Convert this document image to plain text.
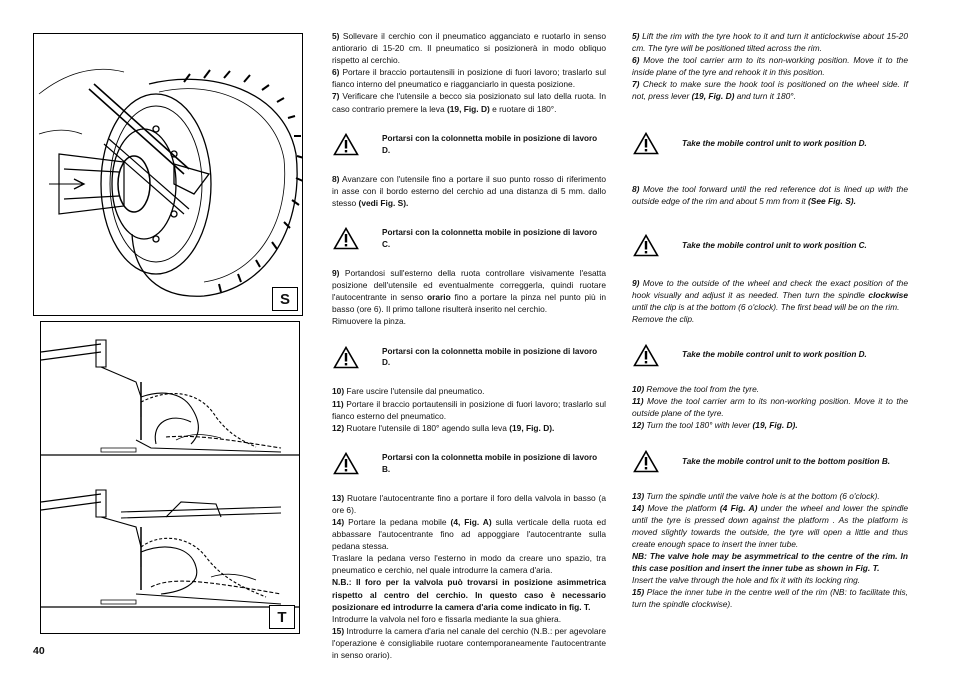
S
T

5) Sollevare il cerchio con il pneumatico agganciato e ruotarlo in senso antiorario di 15-20 cm. Il pneumatico si posizionerà in modo obliquo rispetto al cerchio.

6) Portare il braccio portautensili in posizione di fuori lavoro; traslarlo sul fianco interno del pneumatico e riagganciarlo in questa posizione.

7) Verificare che l'utensile a becco sia posizionato sul lato della ruota. In caso contrario premere la leva (19, Fig. D) e ruotare di 180°.

Portarsi con la colonnetta mobile in posizione di lavoro D.

8) Avanzare con l'utensile fino a portare il suo punto rosso di riferimento in asse con il bordo esterno del cerchio ad una distanza di 5 mm. dallo stesso (vedi Fig. S).

Portarsi con la colonnetta mobile in posizione di lavoro C.

9) Portandosi sull'esterno della ruota controllare visivamente l'esatta posizione dell'utensile ed eventualmente correggerla, quindi ruotare l'autocentrante in senso orario fino a portare la pinza nel punto più in basso (ore 6). Il primo tallone risulterà inserito nel cerchio.

Rimuovere la pinza.

Portarsi con la colonnetta mobile in posizione di lavoro D.

10) Fare uscire l'utensile dal pneumatico.

11) Portare il braccio portautensili in posizione di fuori lavoro; traslarlo sul fianco esterno del pneumatico.

12) Ruotare l'utensile di 180° agendo sulla leva (19, Fig. D).

Portarsi con la colonnetta mobile in posizione di lavoro B.

13) Ruotare l'autocentrante fino a portare il foro della valvola in basso (a ore 6).

14) Portare la pedana mobile (4, Fig. A) sulla verticale della ruota ed abbassare l'autocentrante fino ad appoggiare l'autocentrante sulla pedana stessa.

Traslare la pedana verso l'esterno in modo da creare uno spazio, tra pneumatico e cerchio, nel quale introdurre la camera d'aria.

N.B.: Il foro per la valvola può trovarsi in posizione asimmetrica rispetto al centro del cerchio. In questo caso è necessario posizionare ed introdurre la camera d'aria come indicato in fig. T.

Introdurre la valvola nel foro e fissarla mediante la sua ghiera.

15) Introdurre la camera d'aria nel canale del cerchio (N.B.: per agevolare l'operazione è consigliabile ruotare contemporaneamente l'autocentrante in senso orario).

5) Lift the rim with the tyre hook to it and turn it anticlockwise about 15-20 cm. The tyre will be positioned tilted across the rim.

6) Move the tool carrier arm to its non-working position. Move it to the inside plane of the tyre and rehook it in this position.

7) Check to make sure the hook tool is positioned on the wheel side. If not, press lever (19, Fig. D) and turn it 180°.

Take the mobile control unit to work position D.

8) Move the tool forward until the red reference dot is lined up with the outside edge of the rim and about 5 mm from it (See Fig. S).

Take the mobile control unit to work position C.

9) Move to the outside of the wheel and check the exact position of the hook visually and adjust it as needed. Then turn the spindle clockwise until the clip is at the bottom (6 o'clock). The first bead will be on the rim.

Remove the clip.

Take the mobile control unit to work position D.

10) Remove the tool from the tyre.

11) Move the tool carrier arm to its non-working position. Move it to the outside plane of the tyre.

12) Turn the tool 180° with lever (19, Fig. D).

Take the mobile control unit to the bottom position B.

13) Turn the spindle until the valve hole is at the bottom (6 o'clock).

14) Move the platform (4 Fig. A) under the wheel and lower the spindle until the tyre is pressed down against the platform . As the platform is moved slightly towards the outside, the tyre will open a little and thus create enough space to insert the inner tube.

NB: The valve hole may be asymmetrical to the centre of the rim. In this case position and insert the inner tube as shown in Fig. T.

Insert the valve through the hole and fix it with its locking ring.

15) Place the inner tube in the centre well of the rim (NB: to facilitate this, turn the spindle clockwise).

40
